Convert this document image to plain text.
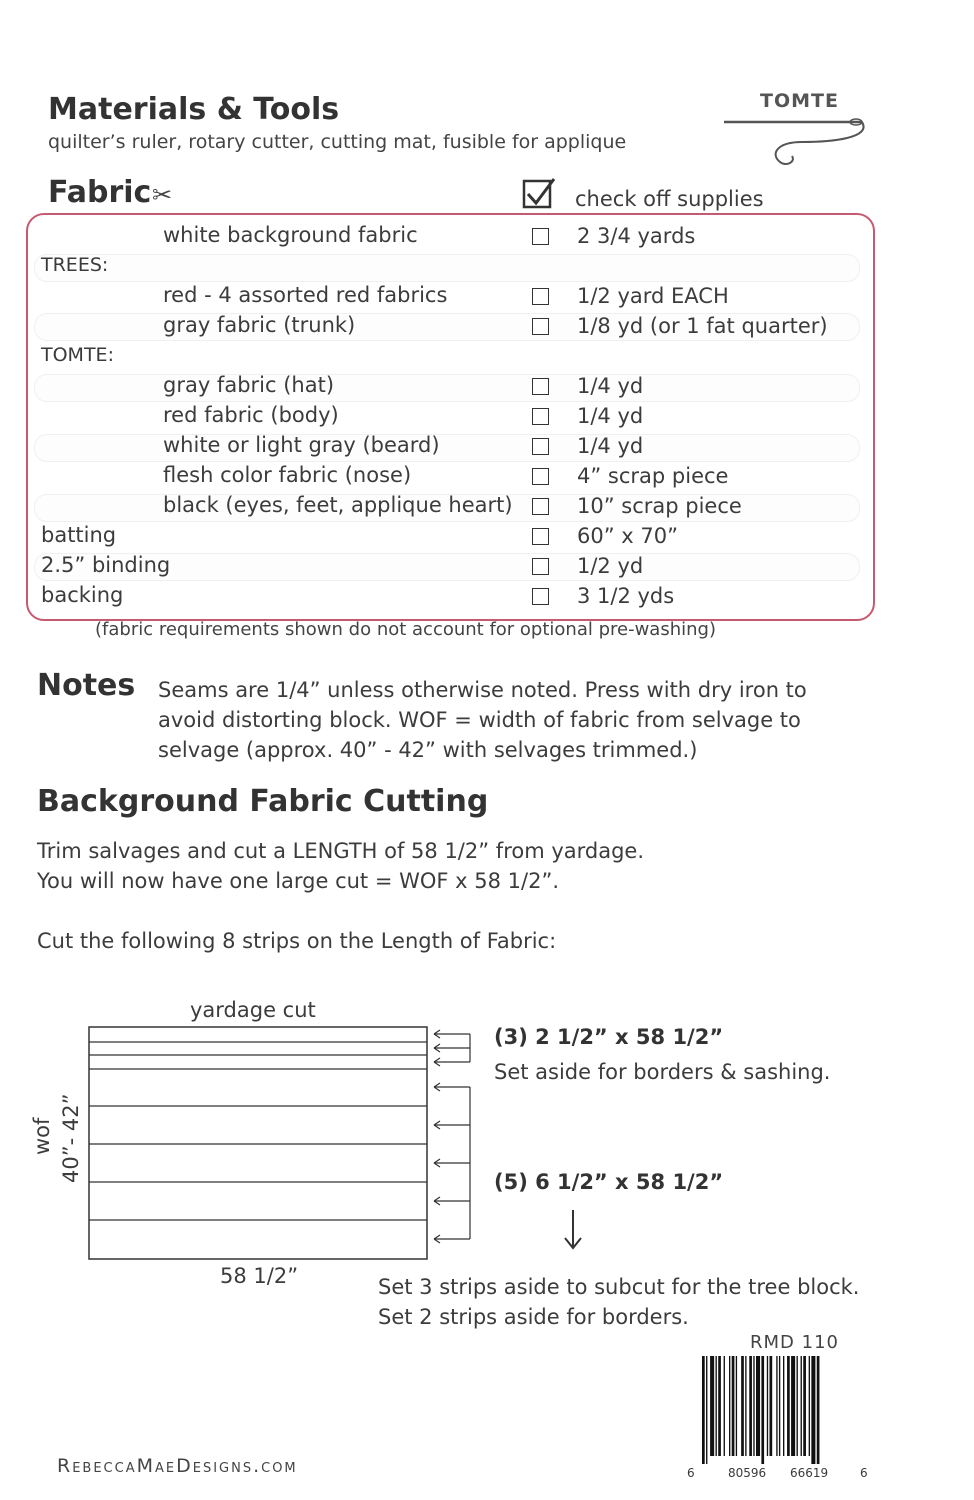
Materials & Tools
quilter’s ruler, rotary cutter, cutting mat, fusible for applique
TOMTE
Fabric ✂	check off supplies
white background fabric	2 3/4 yards
TREES:
red - 4 assorted red fabrics	1/2 yard EACH
gray fabric (trunk)	1/8 yd (or 1 fat quarter)
TOMTE:
gray fabric (hat)	1/4 yd
red fabric (body)	1/4 yd
white or light gray (beard)	1/4 yd
flesh color fabric (nose)	4” scrap piece
black (eyes, feet, applique heart)	10” scrap piece
batting	60” x 70”
2.5” binding	1/2 yd
backing	3 1/2 yds
(fabric requirements shown do not account for optional pre-washing)
Notes Seams are 1/4” unless otherwise noted. Press with dry iron to
avoid distorting block. WOF = width of fabric from selvage to
selvage (approx. 40” - 42” with selvages trimmed.)
Background Fabric Cutting
Trim salvages and cut a LENGTH of 58 1/2” from yardage.
You will now have one large cut = WOF x 58 1/2”.
Cut the following 8 strips on the Length of Fabric:
yardage cut
wof 40”- 42”
58 1/2”
(3) 2 1/2” x 58 1/2”
Set aside for borders & sashing.
(5) 6 1/2” x 58 1/2”
Set 3 strips aside to subcut for the tree block.
Set 2 strips aside for borders.
RebeccaMaeDesigns.com
RMD 110
6	80596 66619	6
